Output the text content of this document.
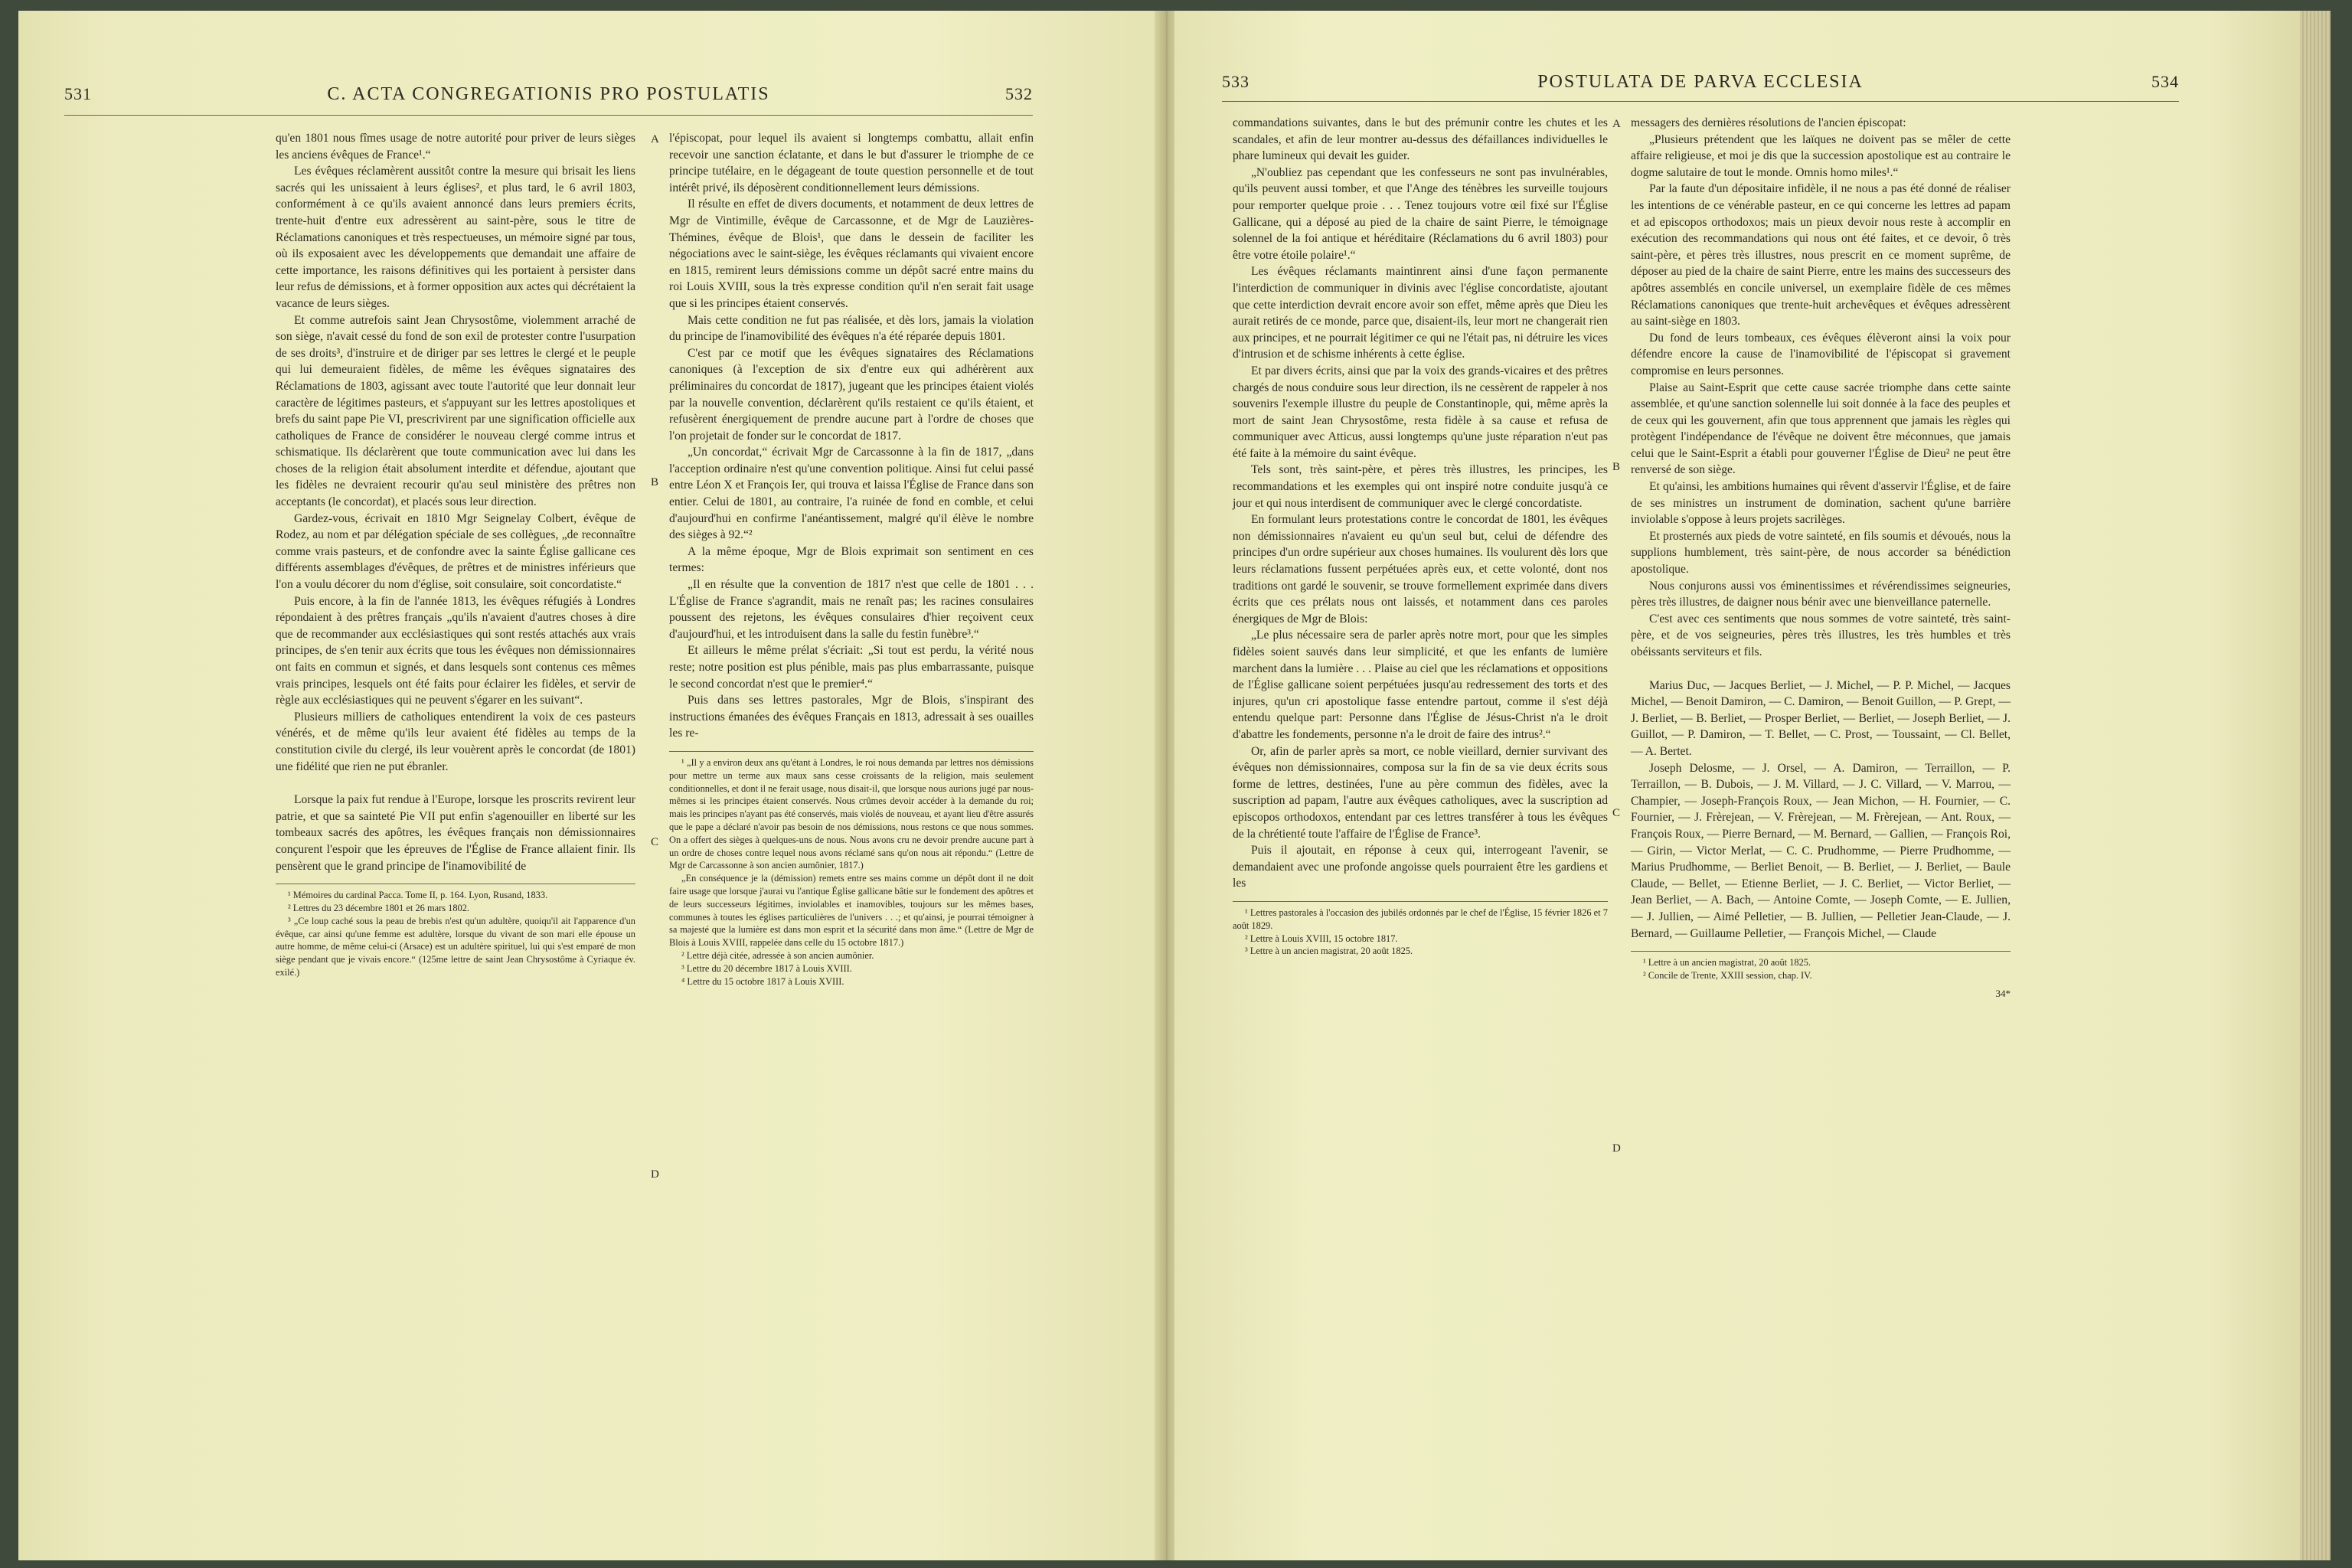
531	C. ACTA CONGREGATIONIS PRO POSTULATIS	532

qu'en 1801 nous fîmes usage de notre autorité pour priver de leurs sièges les anciens évêques de France¹.“

Les évêques réclamèrent aussitôt contre la mesure qui brisait les liens sacrés qui les unissaient à leurs églises², et plus tard, le 6 avril 1803, conformément à ce qu'ils avaient annoncé dans leurs premiers écrits, trente-huit d'entre eux adressèrent au saint-père, sous le titre de Réclamations canoniques et très respectueuses, un mémoire signé par tous, où ils exposaient avec les développements que demandait une affaire de cette importance, les raisons définitives qui les portaient à persister dans leur refus de démissions, et à former opposition aux actes qui décrétaient la vacance de leurs sièges.

Et comme autrefois saint Jean Chrysostôme, violemment arraché de son siège, n'avait cessé du fond de son exil de protester contre l'usurpation de ses droits³, d'instruire et de diriger par ses lettres le clergé et le peuple qui lui demeuraient fidèles, de même les évêques signataires des Réclamations de 1803, agissant avec toute l'autorité que leur donnait leur caractère de légitimes pasteurs, et s'appuyant sur les lettres apostoliques et brefs du saint pape Pie VI, prescrivirent par une signification officielle aux catholiques de France de considérer le nouveau clergé comme intrus et schismatique. Ils déclarèrent que toute communication avec lui dans les choses de la religion était absolument interdite et défendue, ajoutant que les fidèles ne devraient recourir qu'au seul ministère des prêtres non acceptants (le concordat), et placés sous leur direction.

Gardez-vous, écrivait en 1810 Mgr Seignelay Colbert, évêque de Rodez, au nom et par délégation spéciale de ses collègues, „de reconnaître comme vrais pasteurs, et de confondre avec la sainte Église gallicane ces différents assemblages d'évêques, de prêtres et de ministres inférieurs que l'on a voulu décorer du nom d'église, soit consulaire, soit concordatiste.“

Puis encore, à la fin de l'année 1813, les évêques réfugiés à Londres répondaient à des prêtres français „qu'ils n'avaient d'autres choses à dire que de recommander aux ecclésiastiques qui sont restés attachés aux vrais principes, de s'en tenir aux écrits que tous les évêques non démissionnaires ont faits en commun et signés, et dans lesquels sont contenus ces mêmes vrais principes, lesquels ont été faits pour éclairer les fidèles, et servir de règle aux ecclésiastiques qui ne peuvent s'égarer en les suivant“.

Plusieurs milliers de catholiques entendirent la voix de ces pasteurs vénérés, et de même qu'ils leur avaient été fidèles au temps de la constitution civile du clergé, ils leur vouèrent après le concordat (de 1801) une fidélité que rien ne put ébranler.

Lorsque la paix fut rendue à l'Europe, lorsque les proscrits revirent leur patrie, et que sa sainteté Pie VII put enfin s'agenouiller en liberté sur les tombeaux sacrés des apôtres, les évêques français non démissionnaires conçurent l'espoir que les épreuves de l'Église de France allaient finir. Ils pensèrent que le grand principe de l'inamovibilité de

¹ Mémoires du cardinal Pacca. Tome II, p. 164. Lyon, Rusand, 1833.

² Lettres du 23 décembre 1801 et 26 mars 1802.

³ „Ce loup caché sous la peau de brebis n'est qu'un adultère, quoiqu'il ait l'apparence d'un évêque, car ainsi qu'une femme est adultère, lorsque du vivant de son mari elle épouse un autre homme, de même celui-ci (Arsace) est un adultère spirituel, lui qui s'est emparé de mon siège pendant que je vivais encore.“ (125me lettre de saint Jean Chrysostôme à Cyriaque év. exilé.)

A
B
C
D

l'épiscopat, pour lequel ils avaient si longtemps combattu, allait enfin recevoir une sanction éclatante, et dans le but d'assurer le triomphe de ce principe tutélaire, en le dégageant de toute question personnelle et de tout intérêt privé, ils déposèrent conditionnellement leurs démissions.

Il résulte en effet de divers documents, et notamment de deux lettres de Mgr de Vintimille, évêque de Carcassonne, et de Mgr de Lauzières-Thémines, évêque de Blois¹, que dans le dessein de faciliter les négociations avec le saint-siège, les évêques réclamants qui vivaient encore en 1815, remirent leurs démissions comme un dépôt sacré entre mains du roi Louis XVIII, sous la très expresse condition qu'il n'en serait fait usage que si les principes étaient conservés.

Mais cette condition ne fut pas réalisée, et dès lors, jamais la violation du principe de l'inamovibilité des évêques n'a été réparée depuis 1801.

C'est par ce motif que les évêques signataires des Réclamations canoniques (à l'exception de six d'entre eux qui adhérèrent aux préliminaires du concordat de 1817), jugeant que les principes étaient violés par la nouvelle convention, déclarèrent qu'ils restaient ce qu'ils étaient, et refusèrent énergiquement de prendre aucune part à l'ordre de choses que l'on projetait de fonder sur le concordat de 1817.

„Un concordat,“ écrivait Mgr de Carcassonne à la fin de 1817, „dans l'acception ordinaire n'est qu'une convention politique. Ainsi fut celui passé entre Léon X et François Ier, qui trouva et laissa l'Église de France dans son entier. Celui de 1801, au contraire, l'a ruinée de fond en comble, et celui d'aujourd'hui en confirme l'anéantissement, malgré qu'il élève le nombre des sièges à 92.“²

A la même époque, Mgr de Blois exprimait son sentiment en ces termes:

„Il en résulte que la convention de 1817 n'est que celle de 1801 . . . L'Église de France s'agrandit, mais ne renaît pas; les racines consulaires poussent des rejetons, les évêques consulaires d'hier reçoivent ceux d'aujourd'hui, et les introduisent dans la salle du festin funèbre³.“

Et ailleurs le même prélat s'écriait: „Si tout est perdu, la vérité nous reste; notre position est plus pénible, mais pas plus embarrassante, puisque le second concordat n'est que le premier⁴.“

Puis dans ses lettres pastorales, Mgr de Blois, s'inspirant des instructions émanées des évêques Français en 1813, adressait à ses ouailles les re-

¹ „Il y a environ deux ans qu'étant à Londres, le roi nous demanda par lettres nos démissions pour mettre un terme aux maux sans cesse croissants de la religion, mais seulement conditionnelles, et dont il ne ferait usage, nous disait-il, que lorsque nous aurions jugé par nous-mêmes si les principes étaient conservés. Nous crûmes devoir accéder à la demande du roi; mais les principes n'ayant pas été conservés, mais violés de nouveau, et ayant lieu d'être assurés que le pape a déclaré n'avoir pas besoin de nos démissions, nous restons ce que nous sommes. On a offert des sièges à quelques-uns de nous. Nous avons cru ne devoir prendre aucune part à un ordre de choses contre lequel nous avons réclamé sans qu'on nous ait répondu.“ (Lettre de Mgr de Carcassonne à son ancien aumônier, 1817.)

„En conséquence je la (démission) remets entre ses mains comme un dépôt dont il ne doit faire usage que lorsque j'aurai vu l'antique Église gallicane bâtie sur le fondement des apôtres et de leurs successeurs légitimes, inviolables et inamovibles, toujours sur les mêmes bases, communes à toutes les églises particulières de l'univers . . .; et qu'ainsi, je pourrai témoigner à sa majesté que la lumière est dans mon esprit et la sécurité dans mon âme.“ (Lettre de Mgr de Blois à Louis XVIII, rappelée dans celle du 15 octobre 1817.)

² Lettre déjà citée, adressée à son ancien aumônier.

³ Lettre du 20 décembre 1817 à Louis XVIII.

⁴ Lettre du 15 octobre 1817 à Louis XVIII.

533	POSTULATA DE PARVA ECCLESIA	534

commandations suivantes, dans le but des prémunir contre les chutes et les scandales, et afin de leur montrer au-dessus des défaillances individuelles le phare lumineux qui devait les guider.

„N'oubliez pas cependant que les confesseurs ne sont pas invulnérables, qu'ils peuvent aussi tomber, et que l'Ange des ténèbres les surveille toujours pour remporter quelque proie . . . Tenez toujours votre œil fixé sur l'Église Gallicane, qui a déposé au pied de la chaire de saint Pierre, le témoignage solennel de la foi antique et héréditaire (Réclamations du 6 avril 1803) pour être votre étoile polaire¹.“

Les évêques réclamants maintinrent ainsi d'une façon permanente l'interdiction de communiquer in divinis avec l'église concordatiste, ajoutant que cette interdiction devrait encore avoir son effet, même après que Dieu les aurait retirés de ce monde, parce que, disaient-ils, leur mort ne changerait rien aux principes, et ne pourrait légitimer ce qui ne l'était pas, ni détruire les vices d'intrusion et de schisme inhérents à cette église.

Et par divers écrits, ainsi que par la voix des grands-vicaires et des prêtres chargés de nous conduire sous leur direction, ils ne cessèrent de rappeler à nos souvenirs l'exemple illustre du peuple de Constantinople, qui, même après la mort de saint Jean Chrysostôme, resta fidèle à sa cause et refusa de communiquer avec Atticus, aussi longtemps qu'une juste réparation n'eut pas été faite à la mémoire du saint évêque.

Tels sont, très saint-père, et pères très illustres, les principes, les recommandations et les exemples qui ont inspiré notre conduite jusqu'à ce jour et qui nous interdisent de communiquer avec le clergé concordatiste.

En formulant leurs protestations contre le concordat de 1801, les évêques non démissionnaires n'avaient eu qu'un seul but, celui de défendre des principes d'un ordre supérieur aux choses humaines. Ils voulurent dès lors que leurs réclamations fussent perpétuées après eux, et cette volonté, dont nos traditions ont gardé le souvenir, se trouve formellement exprimée dans divers écrits que ces prélats nous ont laissés, et notamment dans ces paroles énergiques de Mgr de Blois:

„Le plus nécessaire sera de parler après notre mort, pour que les simples fidèles soient sauvés dans leur simplicité, et que les enfants de lumière marchent dans la lumière . . . Plaise au ciel que les réclamations et oppositions de l'Église gallicane soient perpétuées jusqu'au redressement des torts et des injures, qu'un cri apostolique fasse entendre partout, comme il s'est déjà entendu quelque part: Personne dans l'Église de Jésus-Christ n'a le droit d'abattre les fondements, personne n'a le droit de faire des intrus².“

Or, afin de parler après sa mort, ce noble vieillard, dernier survivant des évêques non démissionnaires, composa sur la fin de sa vie deux écrits sous forme de lettres, destinées, l'une au père commun des fidèles, avec la suscription ad papam, l'autre aux évêques catholiques, avec la suscription ad episcopos orthodoxos, entendant par ces lettres transférer à tous les évêques de la chrétienté toute l'affaire de l'Église de France³.

Puis il ajoutait, en réponse à ceux qui, interrogeant l'avenir, se demandaient avec une profonde angoisse quels pourraient être les gardiens et les

¹ Lettres pastorales à l'occasion des jubilés ordonnés par le chef de l'Église, 15 février 1826 et 7 août 1829.

² Lettre à Louis XVIII, 15 octobre 1817.

³ Lettre à un ancien magistrat, 20 août 1825.

A
B
C
D

messagers des dernières résolutions de l'ancien épiscopat:

„Plusieurs prétendent que les laïques ne doivent pas se mêler de cette affaire religieuse, et moi je dis que la succession apostolique est au contraire le dogme salutaire de tout le monde. Omnis homo miles¹.“

Par la faute d'un dépositaire infidèle, il ne nous a pas été donné de réaliser les intentions de ce vénérable pasteur, en ce qui concerne les lettres ad papam et ad episcopos orthodoxos; mais un pieux devoir nous reste à accomplir en exécution des recommandations qui nous ont été faites, et ce devoir, ô très saint-père, et pères très illustres, nous prescrit en ce moment suprême, de déposer au pied de la chaire de saint Pierre, entre les mains des successeurs des apôtres assemblés en concile universel, un exemplaire fidèle de ces mêmes Réclamations canoniques que trente-huit archevêques et évêques adressèrent au saint-siège en 1803.

Du fond de leurs tombeaux, ces évêques élèveront ainsi la voix pour défendre encore la cause de l'inamovibilité de l'épiscopat si gravement compromise en leurs personnes.

Plaise au Saint-Esprit que cette cause sacrée triomphe dans cette sainte assemblée, et qu'une sanction solennelle lui soit donnée à la face des peuples et de ceux qui les gouvernent, afin que tous apprennent que jamais les règles qui protègent l'indépendance de l'évêque ne doivent être méconnues, que jamais celui que le Saint-Esprit a établi pour gouverner l'Église de Dieu² ne peut être renversé de son siège.

Et qu'ainsi, les ambitions humaines qui rêvent d'asservir l'Église, et de faire de ses ministres un instrument de domination, sachent qu'une barrière inviolable s'oppose à leurs projets sacrilèges.

Et prosternés aux pieds de votre sainteté, en fils soumis et dévoués, nous la supplions humblement, très saint-père, de nous accorder sa bénédiction apostolique.

Nous conjurons aussi vos éminentissimes et révérendissimes seigneuries, pères très illustres, de daigner nous bénir avec une bienveillance paternelle.

C'est avec ces sentiments que nous sommes de votre sainteté, très saint-père, et de vos seigneuries, pères très illustres, les très humbles et très obéissants serviteurs et fils.

Marius Duc, — Jacques Berliet, — J. Michel, — P. P. Michel, — Jacques Michel, — Benoit Damiron, — C. Damiron, — Benoit Guillon, — P. Grept, — J. Berliet, — B. Berliet, — Prosper Berliet, — Berliet, — Joseph Berliet, — J. Guillot, — P. Damiron, — T. Bellet, — C. Prost, — Toussaint, — Cl. Bellet, — A. Bertet.

Joseph Delosme, — J. Orsel, — A. Damiron, — Terraillon, — P. Terraillon, — B. Dubois, — J. M. Villard, — J. C. Villard, — V. Marrou, — Champier, — Joseph-François Roux, — Jean Michon, — H. Fournier, — C. Fournier, — J. Frèrejean, — V. Frèrejean, — M. Frèrejean, — Ant. Roux, — François Roux, — Pierre Bernard, — M. Bernard, — Gallien, — François Roi, — Girin, — Victor Merlat, — C. C. Prudhomme, — Pierre Prudhomme, — Marius Prudhomme, — Berliet Benoit, — B. Berliet, — J. Berliet, — Baule Claude, — Bellet, — Etienne Berliet, — J. C. Berliet, — Victor Berliet, — Jean Berliet, — A. Bach, — Antoine Comte, — Joseph Comte, — E. Jullien, — J. Jullien, — Aimé Pelletier, — B. Jullien, — Pelletier Jean-Claude, — J. Bernard, — Guillaume Pelletier, — François Michel, — Claude

¹ Lettre à un ancien magistrat, 20 août 1825.

² Concile de Trente, XXIII session, chap. IV.

34*
